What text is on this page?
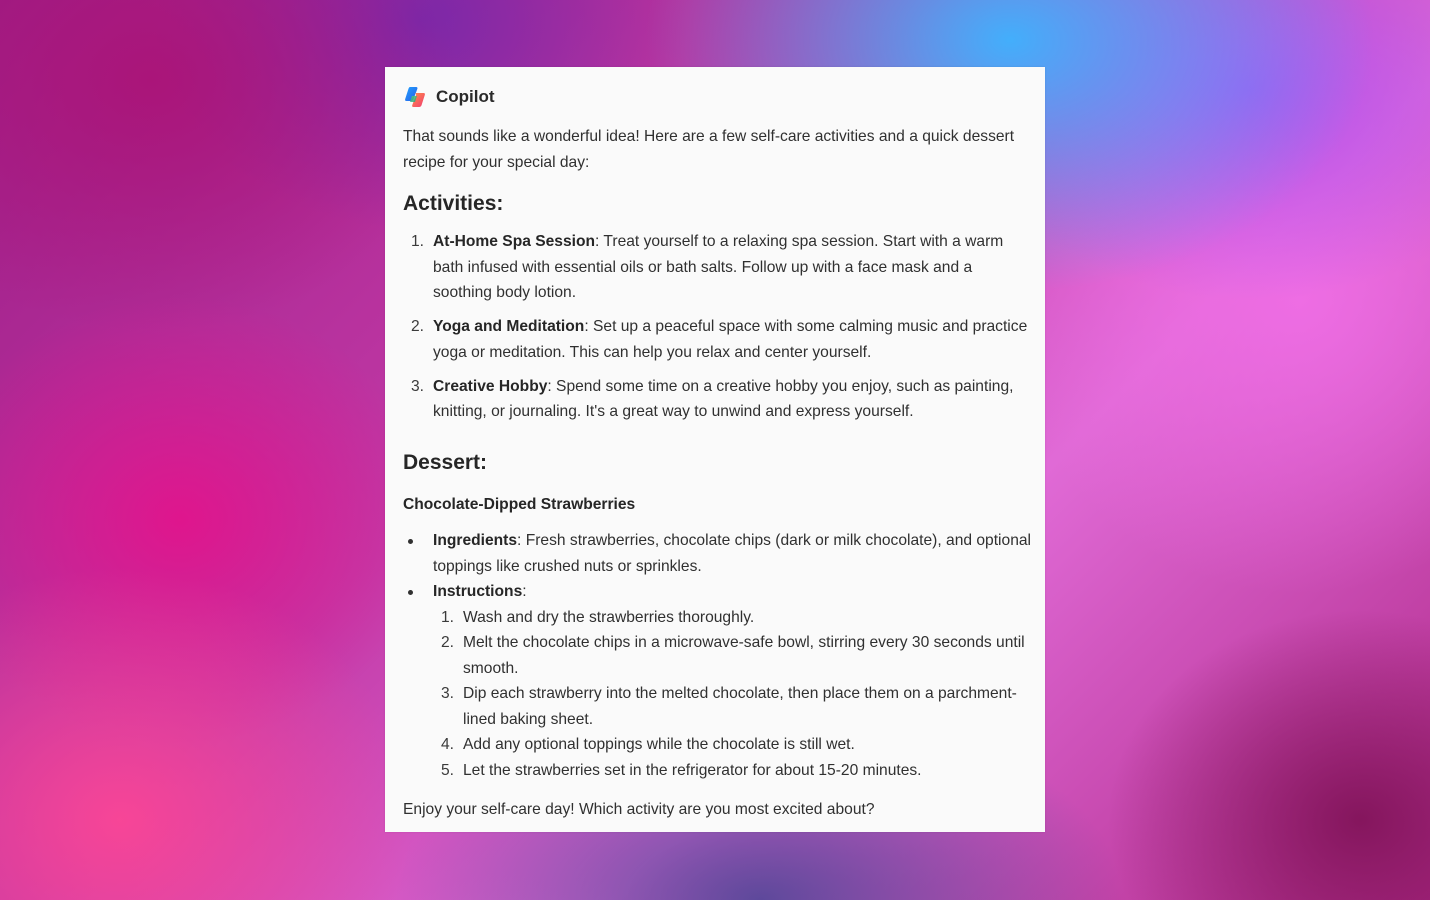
Copilot

That sounds like a wonderful idea! Here are a few self-care activities and a quick dessert recipe for your special day:

Activities:
1. At-Home Spa Session: Treat yourself to a relaxing spa session. Start with a warm bath infused with essential oils or bath salts. Follow up with a face mask and a soothing body lotion.
2. Yoga and Meditation: Set up a peaceful space with some calming music and practice yoga or meditation. This can help you relax and center yourself.
3. Creative Hobby: Spend some time on a creative hobby you enjoy, such as painting, knitting, or journaling. It's a great way to unwind and express yourself.
Dessert:
Chocolate-Dipped Strawberries
Ingredients: Fresh strawberries, chocolate chips (dark or milk chocolate), and optional toppings like crushed nuts or sprinkles.
Instructions:
1. Wash and dry the strawberries thoroughly.
2. Melt the chocolate chips in a microwave-safe bowl, stirring every 30 seconds until smooth.
3. Dip each strawberry into the melted chocolate, then place them on a parchment-lined baking sheet.
4. Add any optional toppings while the chocolate is still wet.
5. Let the strawberries set in the refrigerator for about 15-20 minutes.

Enjoy your self-care day! Which activity are you most excited about?
